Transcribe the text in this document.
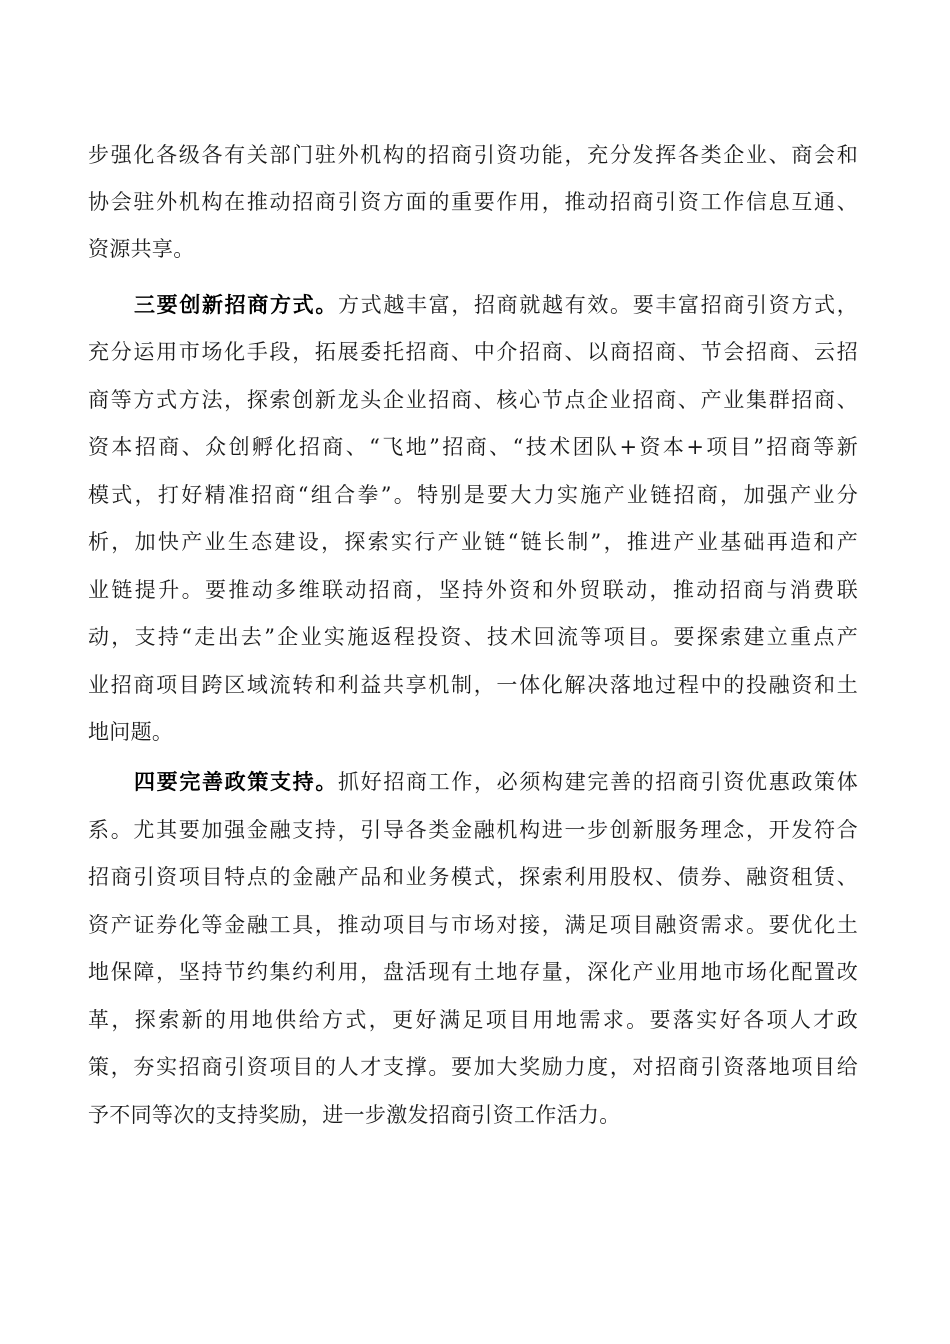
步强化各级各有关部门驻外机构的招商引资功能，充分发挥各类企业、商会和
协会驻外机构在推动招商引资方面的重要作用，推动招商引资工作信息互通、
资源共享。
三要创新招商方式。方式越丰富，招商就越有效。要丰富招商引资方式，
充分运用市场化手段，拓展委托招商、中介招商、以商招商、节会招商、云招
商等方式方法，探索创新龙头企业招商、核心节点企业招商、产业集群招商、
资本招商、众创孵化招商、“飞地”招商、“技术团队+资本+项目”招商等新
模式，打好精准招商“组合拳”。特别是要大力实施产业链招商，加强产业分
析，加快产业生态建设，探索实行产业链“链长制”，推进产业基础再造和产
业链提升。要推动多维联动招商，坚持外资和外贸联动，推动招商与消费联
动，支持“走出去”企业实施返程投资、技术回流等项目。要探索建立重点产
业招商项目跨区域流转和利益共享机制，一体化解决落地过程中的投融资和土
地问题。
四要完善政策支持。抓好招商工作，必须构建完善的招商引资优惠政策体
系。尤其要加强金融支持，引导各类金融机构进一步创新服务理念，开发符合
招商引资项目特点的金融产品和业务模式，探索利用股权、债券、融资租赁、
资产证券化等金融工具，推动项目与市场对接，满足项目融资需求。要优化土
地保障，坚持节约集约利用，盘活现有土地存量，深化产业用地市场化配置改
革，探索新的用地供给方式，更好满足项目用地需求。要落实好各项人才政
策，夯实招商引资项目的人才支撑。要加大奖励力度，对招商引资落地项目给
予不同等次的支持奖励，进一步激发招商引资工作活力。
